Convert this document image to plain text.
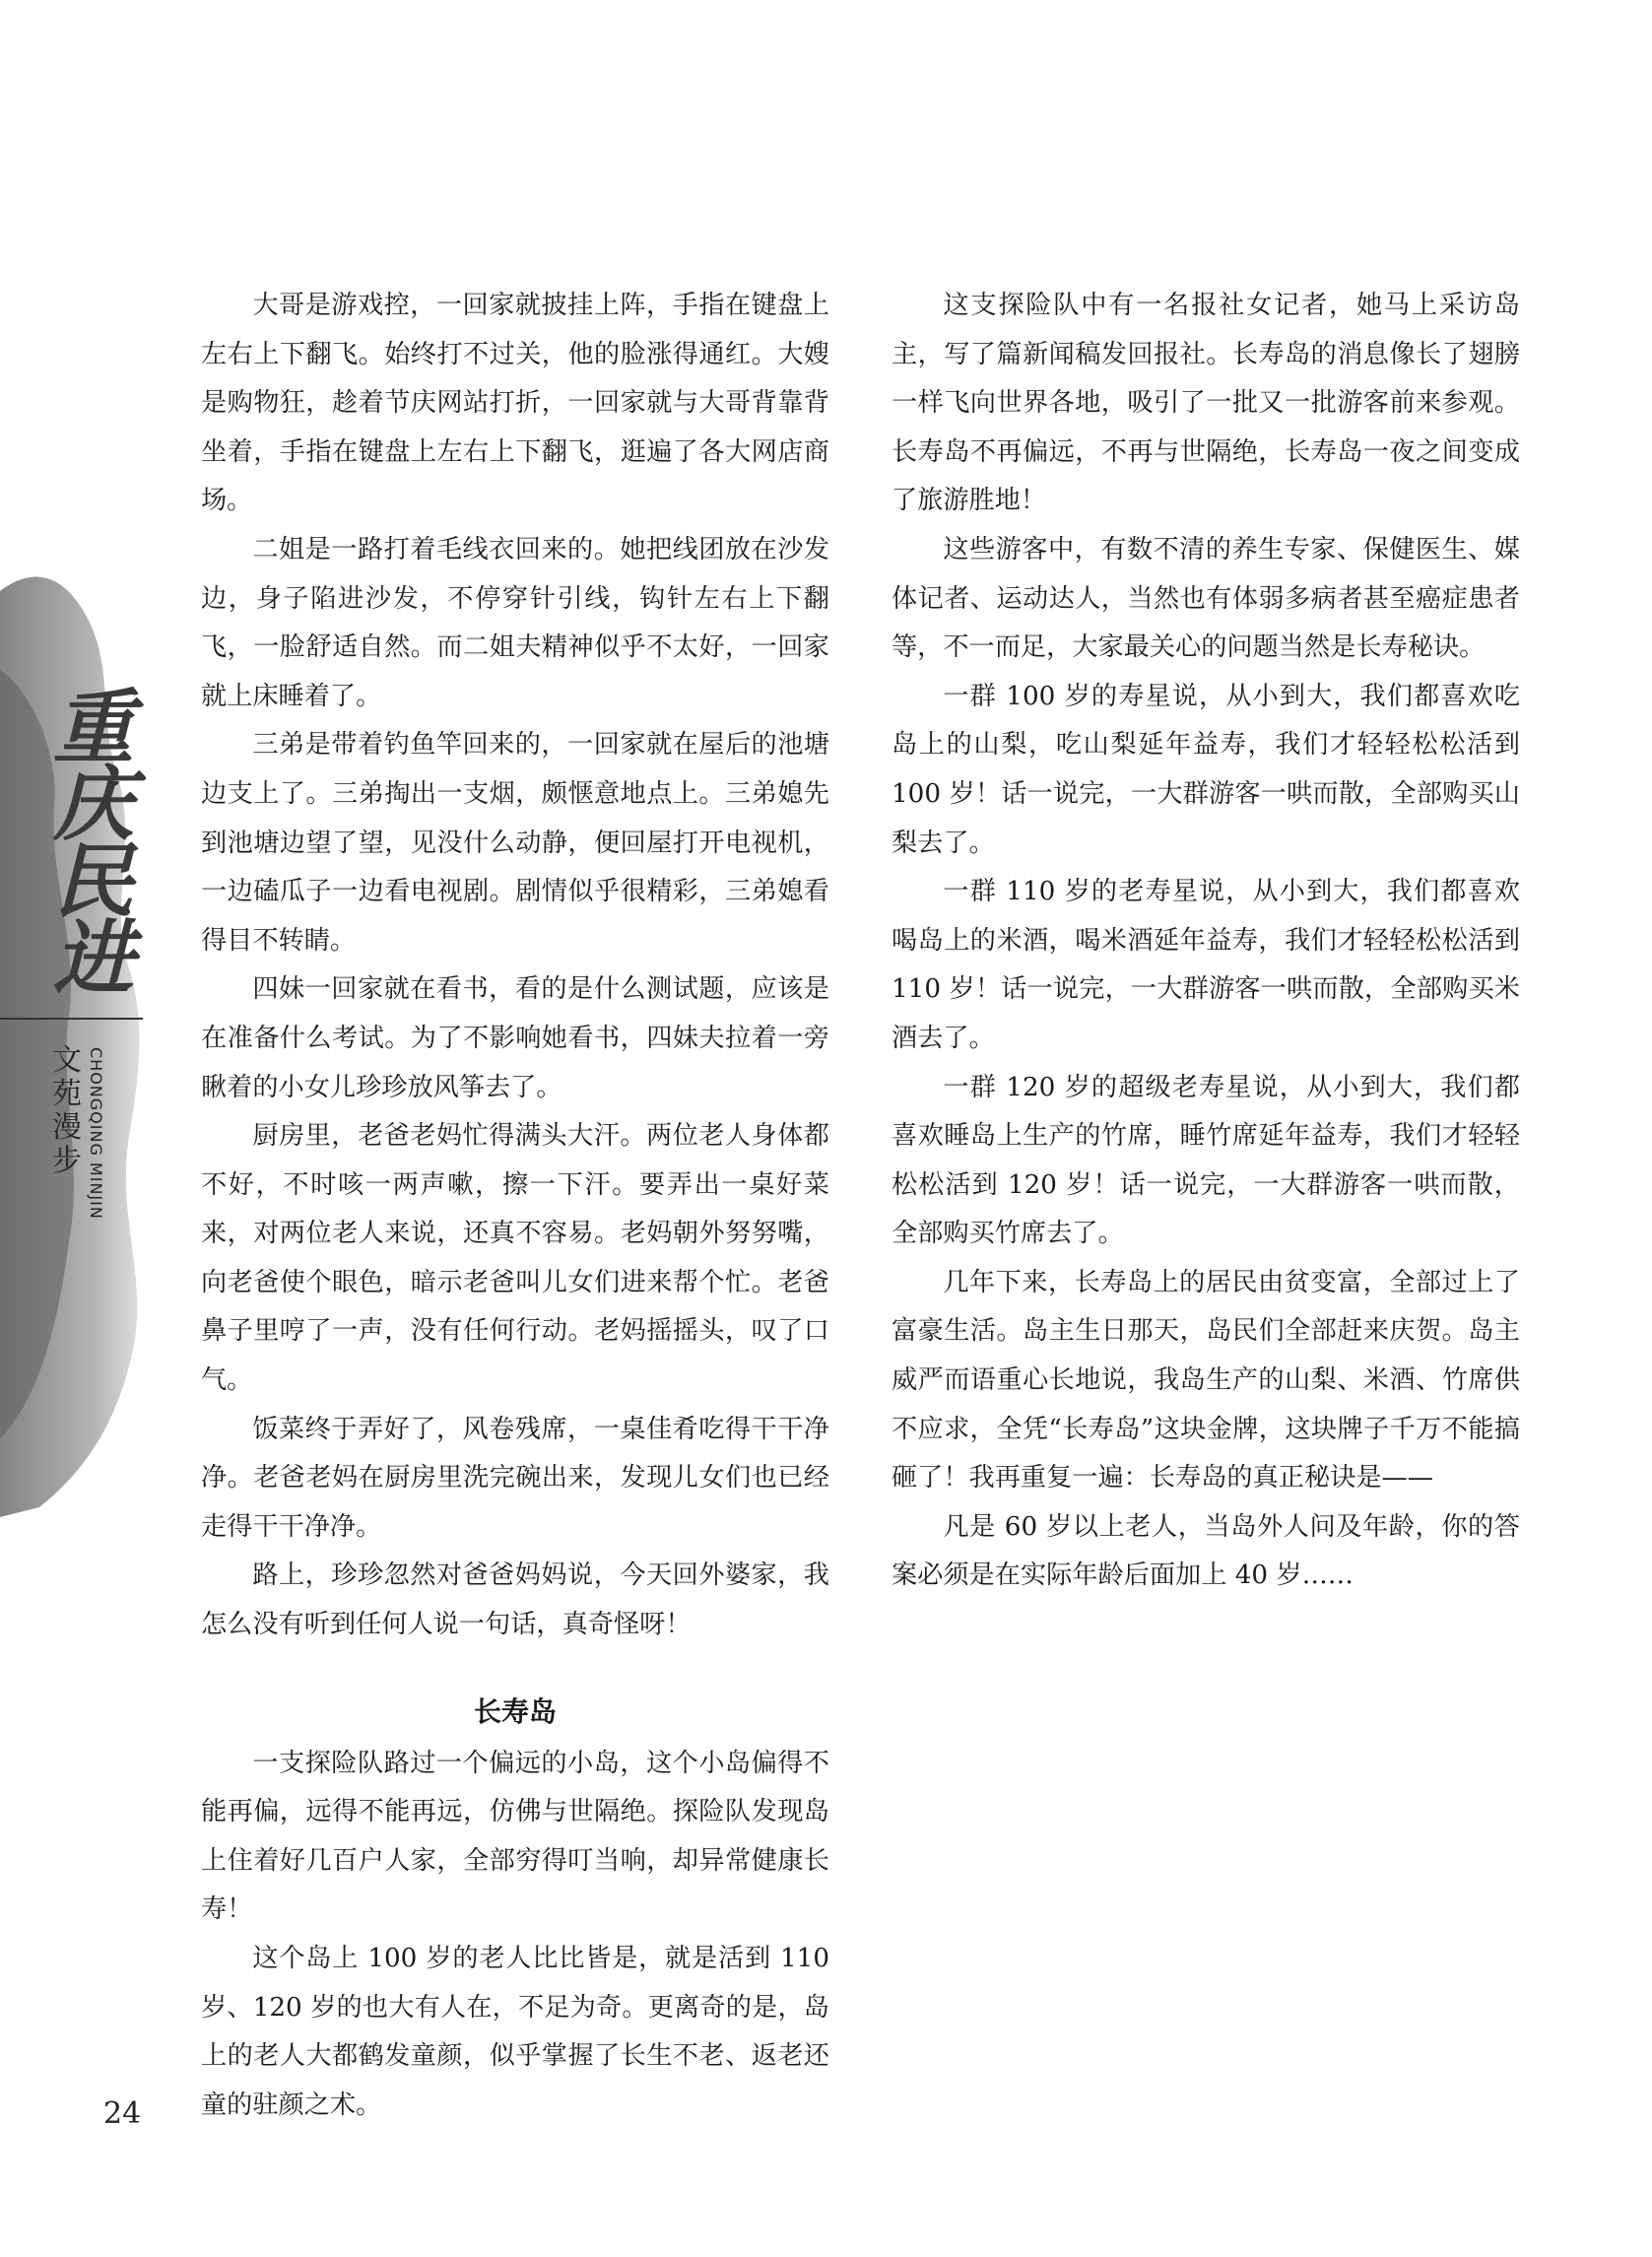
重
庆
民
进
文
苑
漫
步 CHONGQING MINJIN

大哥是游戏控，一回家就披挂上阵，手指在键盘上左右上下翻飞。始终打不过关，他的脸涨得通红。大嫂是购物狂，趁着节庆网站打折，一回家就与大哥背靠背坐着，手指在键盘上左右上下翻飞，逛遍了各大网店商场。

二姐是一路打着毛线衣回来的。她把线团放在沙发边，身子陷进沙发，不停穿针引线，钩针左右上下翻飞，一脸舒适自然。而二姐夫精神似乎不太好，一回家就上床睡着了。

三弟是带着钓鱼竿回来的，一回家就在屋后的池塘边支上了。三弟掏出一支烟，颇惬意地点上。三弟媳先到池塘边望了望，见没什么动静，便回屋打开电视机，一边磕瓜子一边看电视剧。剧情似乎很精彩，三弟媳看得目不转睛。

四妹一回家就在看书，看的是什么测试题，应该是在准备什么考试。为了不影响她看书，四妹夫拉着一旁瞅着的小女儿珍珍放风筝去了。

厨房里，老爸老妈忙得满头大汗。两位老人身体都不好，不时咳一两声嗽，擦一下汗。要弄出一桌好菜来，对两位老人来说，还真不容易。老妈朝外努努嘴，向老爸使个眼色，暗示老爸叫儿女们进来帮个忙。老爸鼻子里哼了一声，没有任何行动。老妈摇摇头，叹了口气。

饭菜终于弄好了，风卷残席，一桌佳肴吃得干干净净。老爸老妈在厨房里洗完碗出来，发现儿女们也已经走得干干净净。

路上，珍珍忽然对爸爸妈妈说，今天回外婆家，我怎么没有听到任何人说一句话，真奇怪呀！

长寿岛

一支探险队路过一个偏远的小岛，这个小岛偏得不能再偏，远得不能再远，仿佛与世隔绝。探险队发现岛上住着好几百户人家，全部穷得叮当响，却异常健康长寿！

这个岛上 100 岁的老人比比皆是，就是活到 110 岁、120 岁的也大有人在，不足为奇。更离奇的是，岛上的老人大都鹤发童颜，似乎掌握了长生不老、返老还童的驻颜之术。

这支探险队中有一名报社女记者，她马上采访岛主，写了篇新闻稿发回报社。长寿岛的消息像长了翅膀一样飞向世界各地，吸引了一批又一批游客前来参观。长寿岛不再偏远，不再与世隔绝，长寿岛一夜之间变成了旅游胜地！

这些游客中，有数不清的养生专家、保健医生、媒体记者、运动达人，当然也有体弱多病者甚至癌症患者等，不一而足，大家最关心的问题当然是长寿秘诀。

一群 100 岁的寿星说，从小到大，我们都喜欢吃岛上的山梨，吃山梨延年益寿，我们才轻轻松松活到 100 岁！话一说完，一大群游客一哄而散，全部购买山梨去了。

一群 110 岁的老寿星说，从小到大，我们都喜欢喝岛上的米酒，喝米酒延年益寿，我们才轻轻松松活到 110 岁！话一说完，一大群游客一哄而散，全部购买米酒去了。

一群 120 岁的超级老寿星说，从小到大，我们都喜欢睡岛上生产的竹席，睡竹席延年益寿，我们才轻轻松松活到 120 岁！话一说完，一大群游客一哄而散，全部购买竹席去了。

几年下来，长寿岛上的居民由贫变富，全部过上了富豪生活。岛主生日那天，岛民们全部赶来庆贺。岛主威严而语重心长地说，我岛生产的山梨、米酒、竹席供不应求，全凭“长寿岛”这块金牌，这块牌子千万不能搞砸了！我再重复一遍：长寿岛的真正秘诀是——

凡是 60 岁以上老人，当岛外人问及年龄，你的答案必须是在实际年龄后面加上 40 岁……

24
